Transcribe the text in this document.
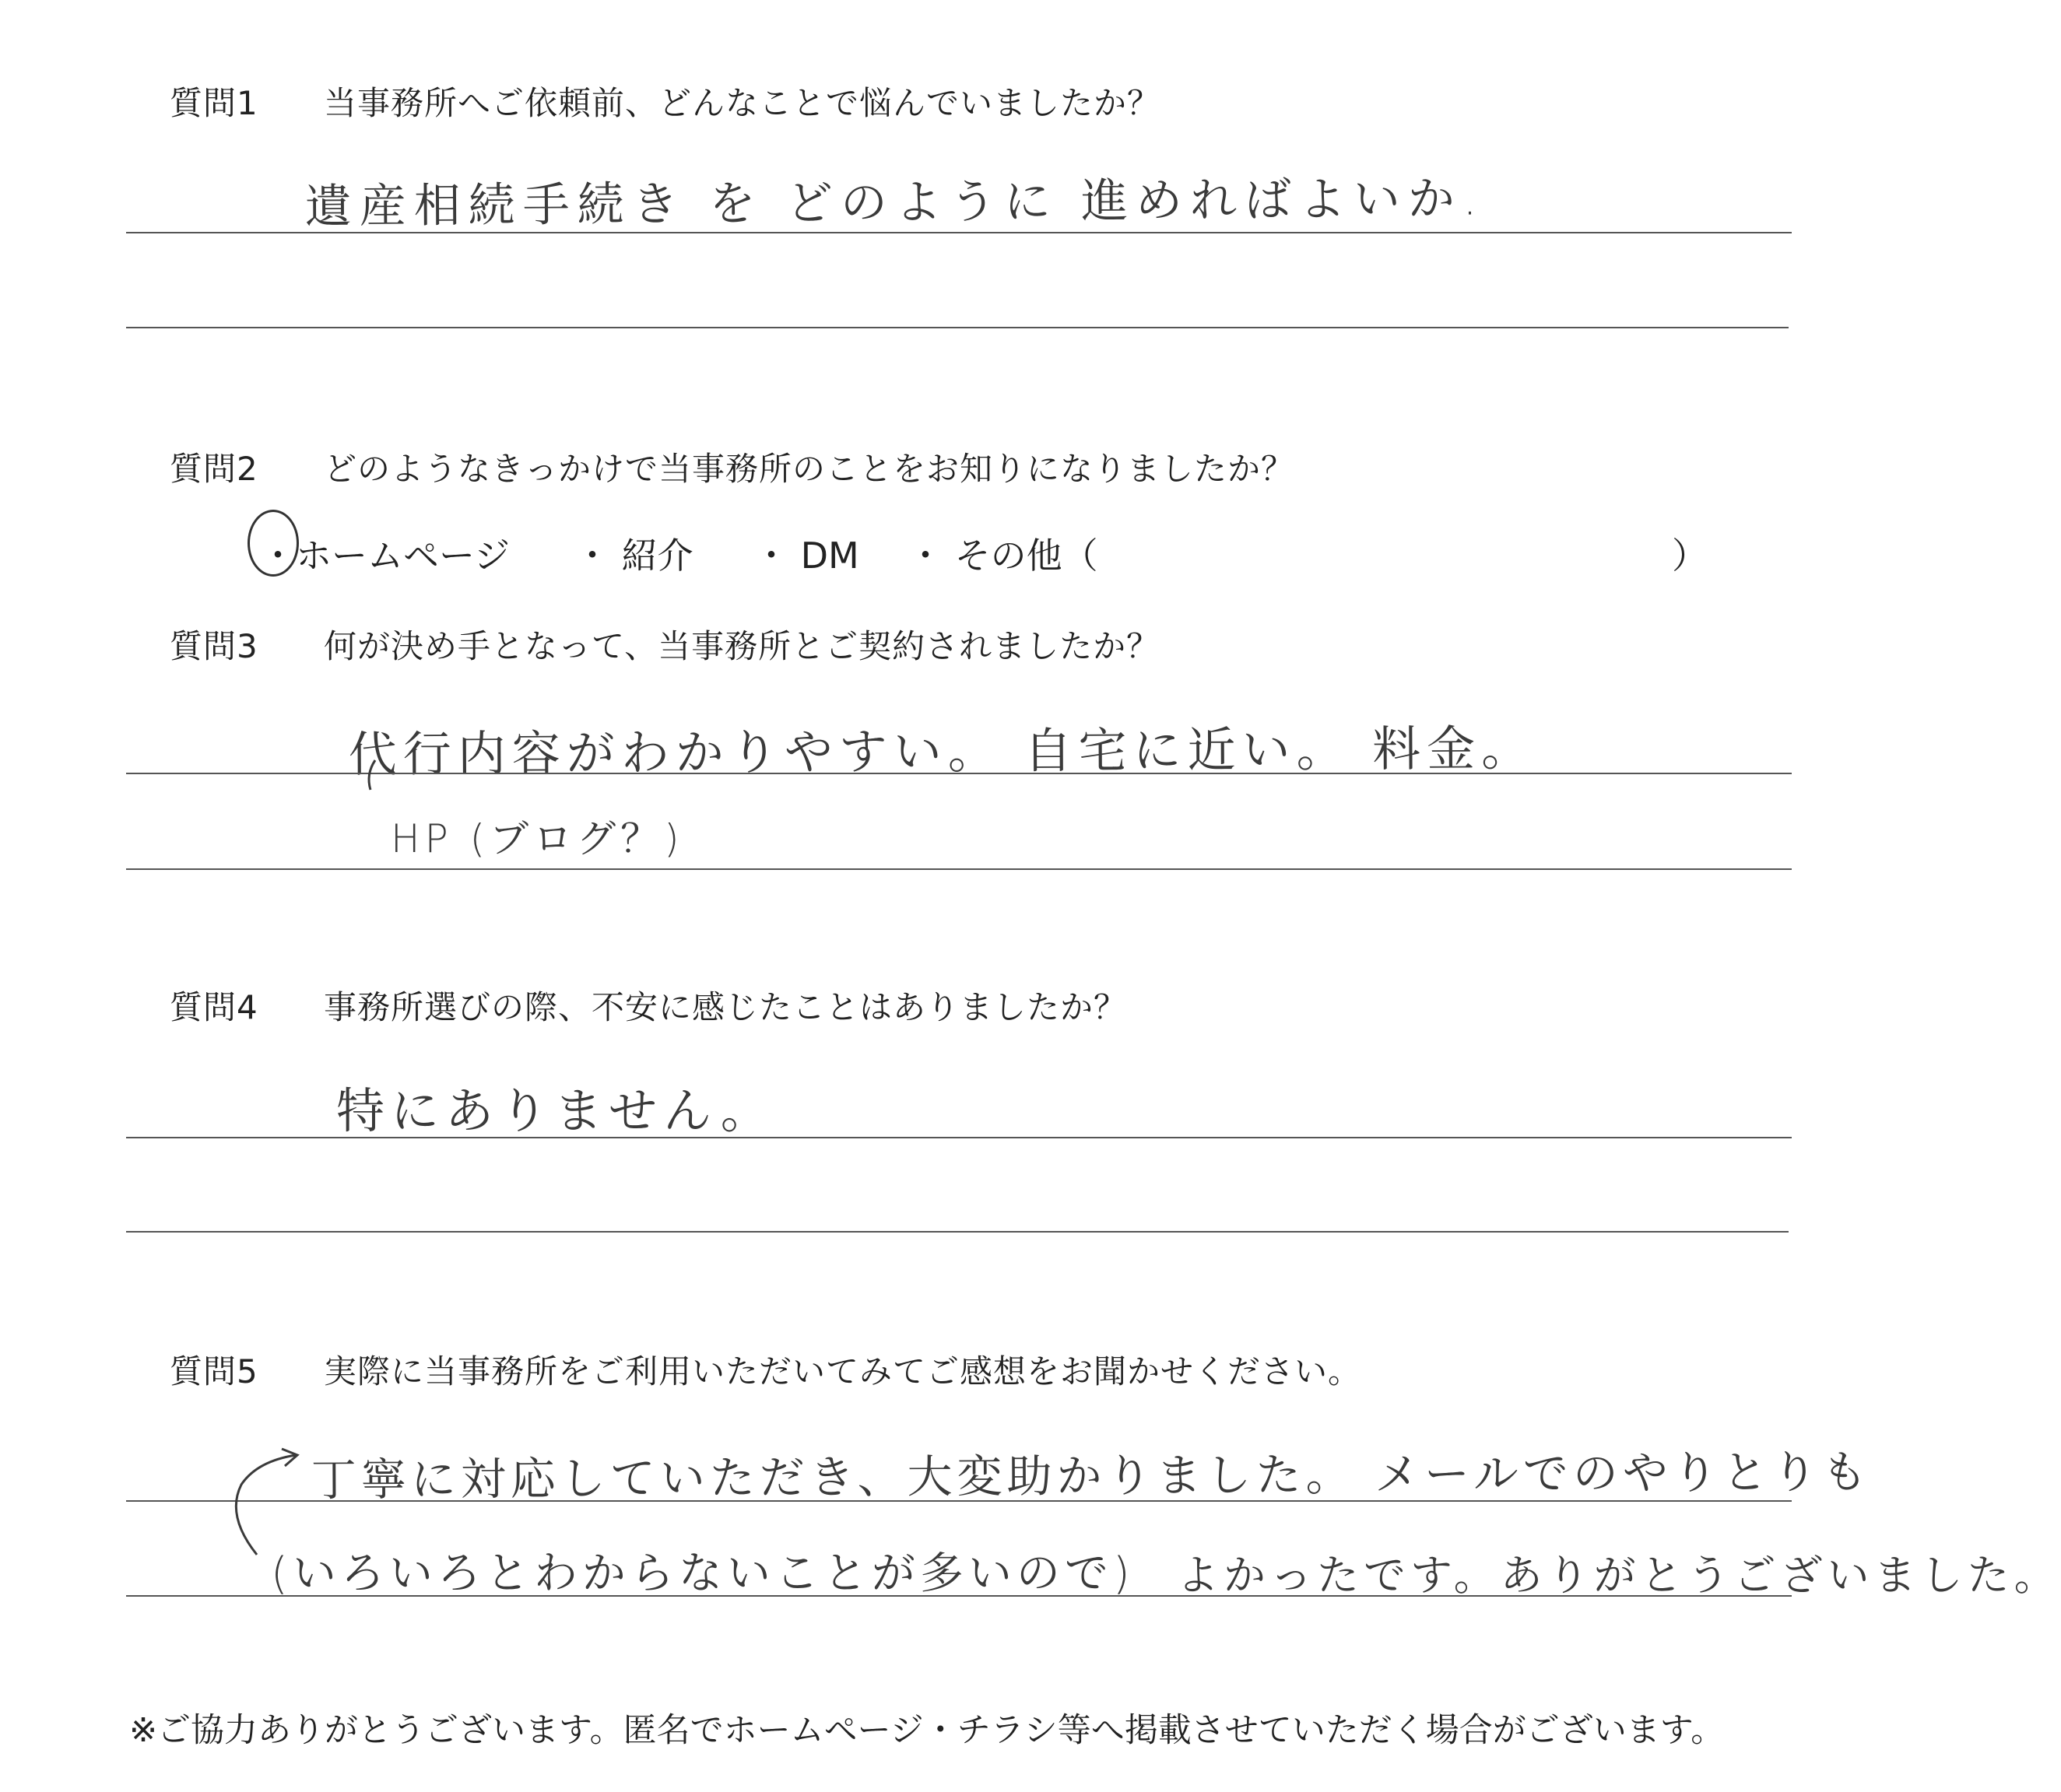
質問1 当事務所へご依頼前、どんなことで悩んでいましたか？
遺産相続手続き を どのように 進めればよいか.
質問2 どのようなきっかけで当事務所のことをお知りになりましたか？
・ホームページ ・ 紹介 ・ DM ・ その他（	）
質問3 何が決め手となって、当事務所とご契約されましたか？
代行内容がわかりやすい。 自宅に近い。 料金。
HP (ブログ？)
質問4 事務所選びの際、不安に感じたことはありましたか？
特にありません。
質問5 実際に当事務所をご利用いただいてみてご感想をお聞かせください。
丁寧に対応していただき、大変助かりました。 メールでのやりとりも
(いろいろとわからないことが多いので) よかったです。ありがとうございました。
※ご協力ありがとうございます。匿名でホームページ・チラシ等へ掲載させていただく場合がございます。
